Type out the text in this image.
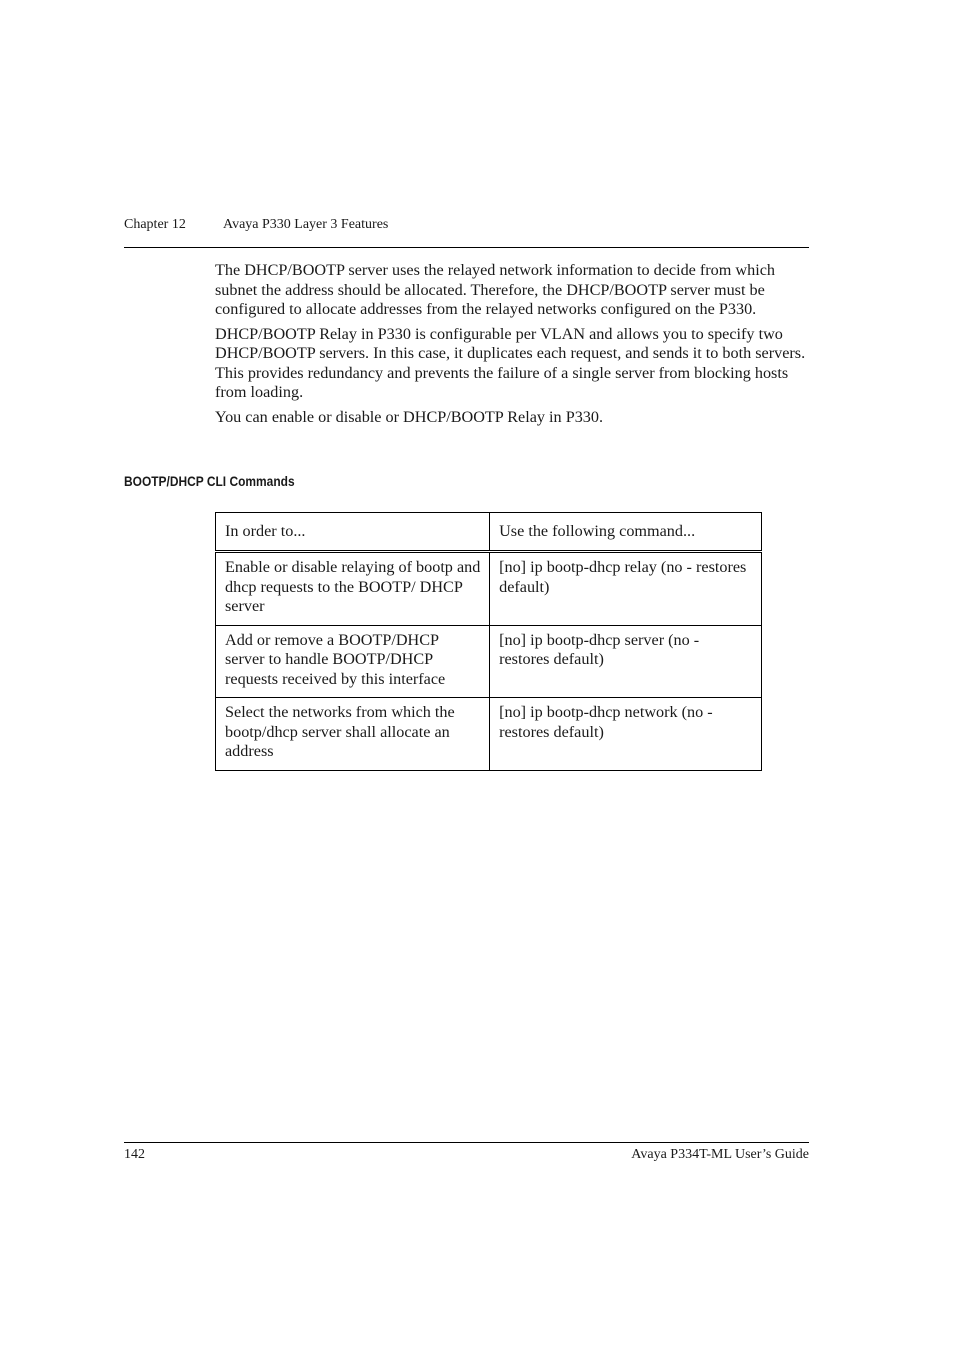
Chapter 12	Avaya P330 Layer 3 Features

The DHCP/BOOTP server uses the relayed network information to decide from which subnet the address should be allocated. Therefore, the DHCP/BOOTP server must be configured to allocate addresses from the relayed networks configured on the P330.

DHCP/BOOTP Relay in P330 is configurable per VLAN and allows you to specify two DHCP/BOOTP servers. In this case, it duplicates each request, and sends it to both servers. This provides redundancy and prevents the failure of a single server from blocking hosts from loading.

You can enable or disable or DHCP/BOOTP Relay in P330.

BOOTP/DHCP CLI Commands
In order to...	Use the following command...
Enable or disable relaying of bootp and dhcp requests to the BOOTP/ DHCP server	[no] ip bootp-dhcp relay (no - restores default)
Add or remove a BOOTP/DHCP server to handle BOOTP/DHCP requests received by this interface	[no] ip bootp-dhcp server (no - restores default)
Select the networks from which the bootp/dhcp server shall allocate an address	[no] ip bootp-dhcp network (no - restores default)
142	Avaya P334T-ML User’s Guide
